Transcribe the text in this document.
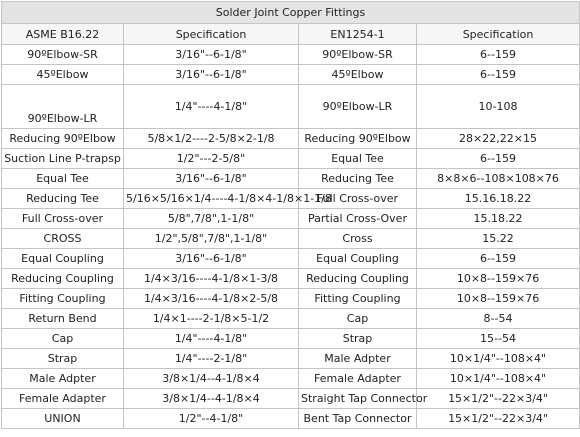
Solder Joint Copper Fittings			
ASME B16.22	Specification	EN1254-1	Specification
90ºElbow-SR	3/16"--6-1/8"	90ºElbow-SR	6--159
45ºElbow	3/16"--6-1/8"	45ºElbow	6--159
90ºElbow-LR	1/4"----4-1/8"	90ºElbow-LR	10-108
Reducing 90ºElbow	5/8×1/2----2-5/8×2-1/8	Reducing 90ºElbow	28×22,22×15
Suction Line P-trapsp	1/2"---2-5/8"	Equal Tee	6--159
Equal Tee	3/16"--6-1/8"	Reducing Tee	8×8×6--108×108×76
Reducing Tee	5/16×5/16×1/4----4-1/8×4-1/8×1-1/8	Full Cross-over	15.16.18.22
Full Cross-over	5/8",7/8",1-1/8"	Partial Cross-Over	15.18.22
CROSS	1/2",5/8",7/8",1-1/8"	Cross	15.22
Equal Coupling	3/16"--6-1/8"	Equal Coupling	6--159
Reducing Coupling	1/4×3/16----4-1/8×1-3/8	Reducing Coupling	10×8--159×76
Fitting Coupling	1/4×3/16----4-1/8×2-5/8	Fitting Coupling	10×8--159×76
Return Bend	1/4×1----2-1/8×5-1/2	Cap	8--54
Cap	1/4"----4-1/8"	Strap	15--54
Strap	1/4"----2-1/8"	Male Adpter	10×1/4"--108×4"
Male Adpter	3/8×1/4--4-1/8×4	Female Adapter	10×1/4"--108×4"
Female Adapter	3/8×1/4--4-1/8×4	Straight Tap Connector	15×1/2"--22×3/4"
UNION	1/2"--4-1/8"	Bent Tap Connector	15×1/2"--22×3/4"
